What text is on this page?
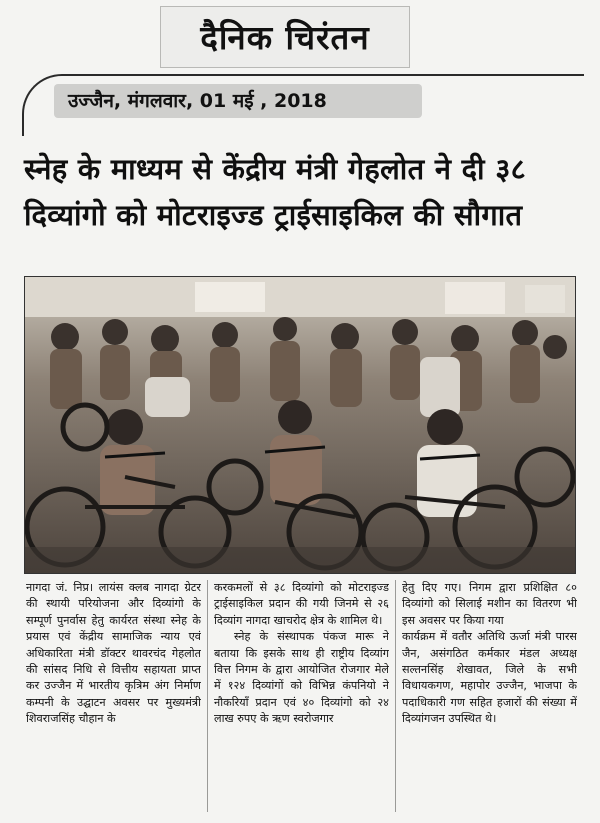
दैनिक चिरंतन
उज्जैन, मंगलवार, 01 मई , 2018
स्नेह के माध्यम से केंद्रीय मंत्री गेहलोत ने दी ३८
दिव्यांगो को मोटराइज्ड ट्राईसाइकिल की सौगात

नागदा जं. निप्र। लायंस क्लब नागदा ग्रेटर की स्थायी परियोजना और दिव्यांगो के सम्पूर्ण पुनर्वास हेतु कार्यरत संस्था स्नेह के प्रयास एवं केंद्रीय सामाजिक न्याय एवं अधिकारिता मंत्री डॉक्टर थावरचंद गेहलोत की सांसद निधि से वित्तीय सहायता प्राप्त कर उज्जैन में भारतीय कृत्रिम अंग निर्माण कम्पनी के उद्घाटन अवसर पर मुख्यमंत्री शिवराजसिंह चौहान के

करकमलों से ३८ दिव्यांगो को मोटराइज्ड ट्राईसाइकिल प्रदान की गयी जिनमे से २६ दिव्यांग नागदा खाचरोद क्षेत्र के शामिल थे।

स्नेह के संस्थापक पंकज मारू ने बताया कि इसके साथ ही राष्ट्रीय दिव्यांग वित्त निगम के द्वारा आयोजित रोजगार मेले में १२४ दिव्यांगों को विभिन्न कंपनियो ने नौकरियाँ प्रदान एवं ४० दिव्यांगो को २४ लाख रुपए के ऋण स्वरोजगार

हेतु दिए गए। निगम द्वारा प्रशिक्षित ८० दिव्यांगो को सिलाई मशीन का वितरण भी इस अवसर पर किया गया

कार्यक्रम में वतौर अतिथि ऊर्जा मंत्री पारस जैन, असंगठित कर्मकार मंडल अध्यक्ष सल्तनसिंह शेखावत, जिले के सभी विधायकगण, महापोर उज्जैन, भाजपा के पदाधिकारी गण सहित हजारों की संख्या में दिव्यांगजन उपस्थित थे।
